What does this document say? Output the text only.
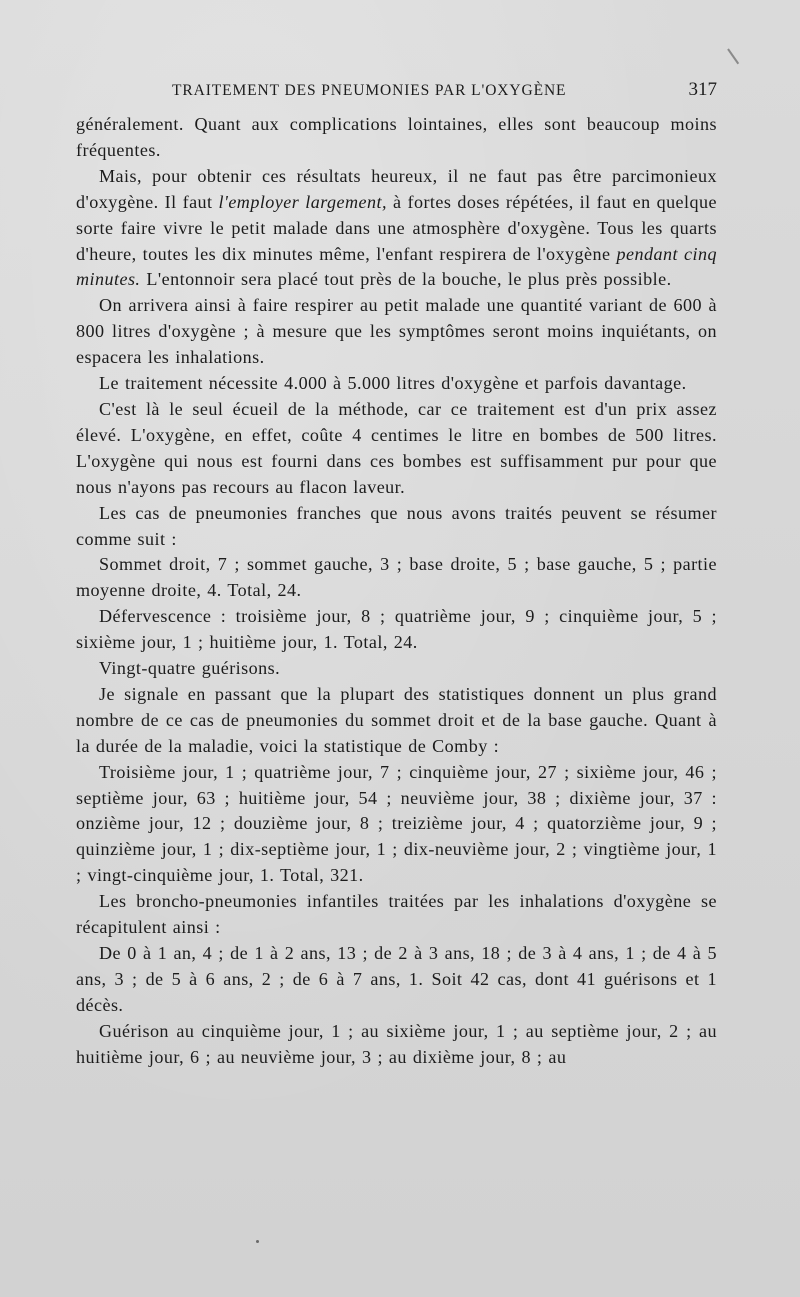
TRAITEMENT DES PNEUMONIES PAR L'OXYGÈNE	317

généralement. Quant aux complications lointaines, elles sont beaucoup moins fréquentes.

Mais, pour obtenir ces résultats heureux, il ne faut pas être parcimonieux d'oxygène. Il faut l'employer largement, à fortes doses répétées, il faut en quelque sorte faire vivre le petit malade dans une atmosphère d'oxygène. Tous les quarts d'heure, toutes les dix minutes même, l'enfant respirera de l'oxygène pendant cinq minutes. L'entonnoir sera placé tout près de la bouche, le plus près possible.

On arrivera ainsi à faire respirer au petit malade une quantité variant de 600 à 800 litres d'oxygène ; à mesure que les symptômes seront moins inquiétants, on espacera les inhalations.

Le traitement nécessite 4.000 à 5.000 litres d'oxygène et parfois davantage.

C'est là le seul écueil de la méthode, car ce traitement est d'un prix assez élevé. L'oxygène, en effet, coûte 4 centimes le litre en bombes de 500 litres. L'oxygène qui nous est fourni dans ces bombes est suffisamment pur pour que nous n'ayons pas recours au flacon laveur.

Les cas de pneumonies franches que nous avons traités peuvent se résumer comme suit :

Sommet droit, 7 ; sommet gauche, 3 ; base droite, 5 ; base gauche, 5 ; partie moyenne droite, 4. Total, 24.

Défervescence : troisième jour, 8 ; quatrième jour, 9 ; cinquième jour, 5 ; sixième jour, 1 ; huitième jour, 1. Total, 24.

Vingt-quatre guérisons.

Je signale en passant que la plupart des statistiques donnent un plus grand nombre de ce cas de pneumonies du sommet droit et de la base gauche. Quant à la durée de la maladie, voici la statistique de Comby :

Troisième jour, 1 ; quatrième jour, 7 ; cinquième jour, 27 ; sixième jour, 46 ; septième jour, 63 ; huitième jour, 54 ; neuvième jour, 38 ; dixième jour, 37 : onzième jour, 12 ; douzième jour, 8 ; treizième jour, 4 ; quatorzième jour, 9 ; quinzième jour, 1 ; dix-septième jour, 1 ; dix-neuvième jour, 2 ; vingtième jour, 1 ; vingt-cinquième jour, 1. Total, 321.

Les broncho-pneumonies infantiles traitées par les inhalations d'oxygène se récapitulent ainsi :

De 0 à 1 an, 4 ; de 1 à 2 ans, 13 ; de 2 à 3 ans, 18 ; de 3 à 4 ans, 1 ; de 4 à 5 ans, 3 ; de 5 à 6 ans, 2 ; de 6 à 7 ans, 1. Soit 42 cas, dont 41 guérisons et 1 décès.

Guérison au cinquième jour, 1 ; au sixième jour, 1 ; au septième jour, 2 ; au huitième jour, 6 ; au neuvième jour, 3 ; au dixième jour, 8 ; au
